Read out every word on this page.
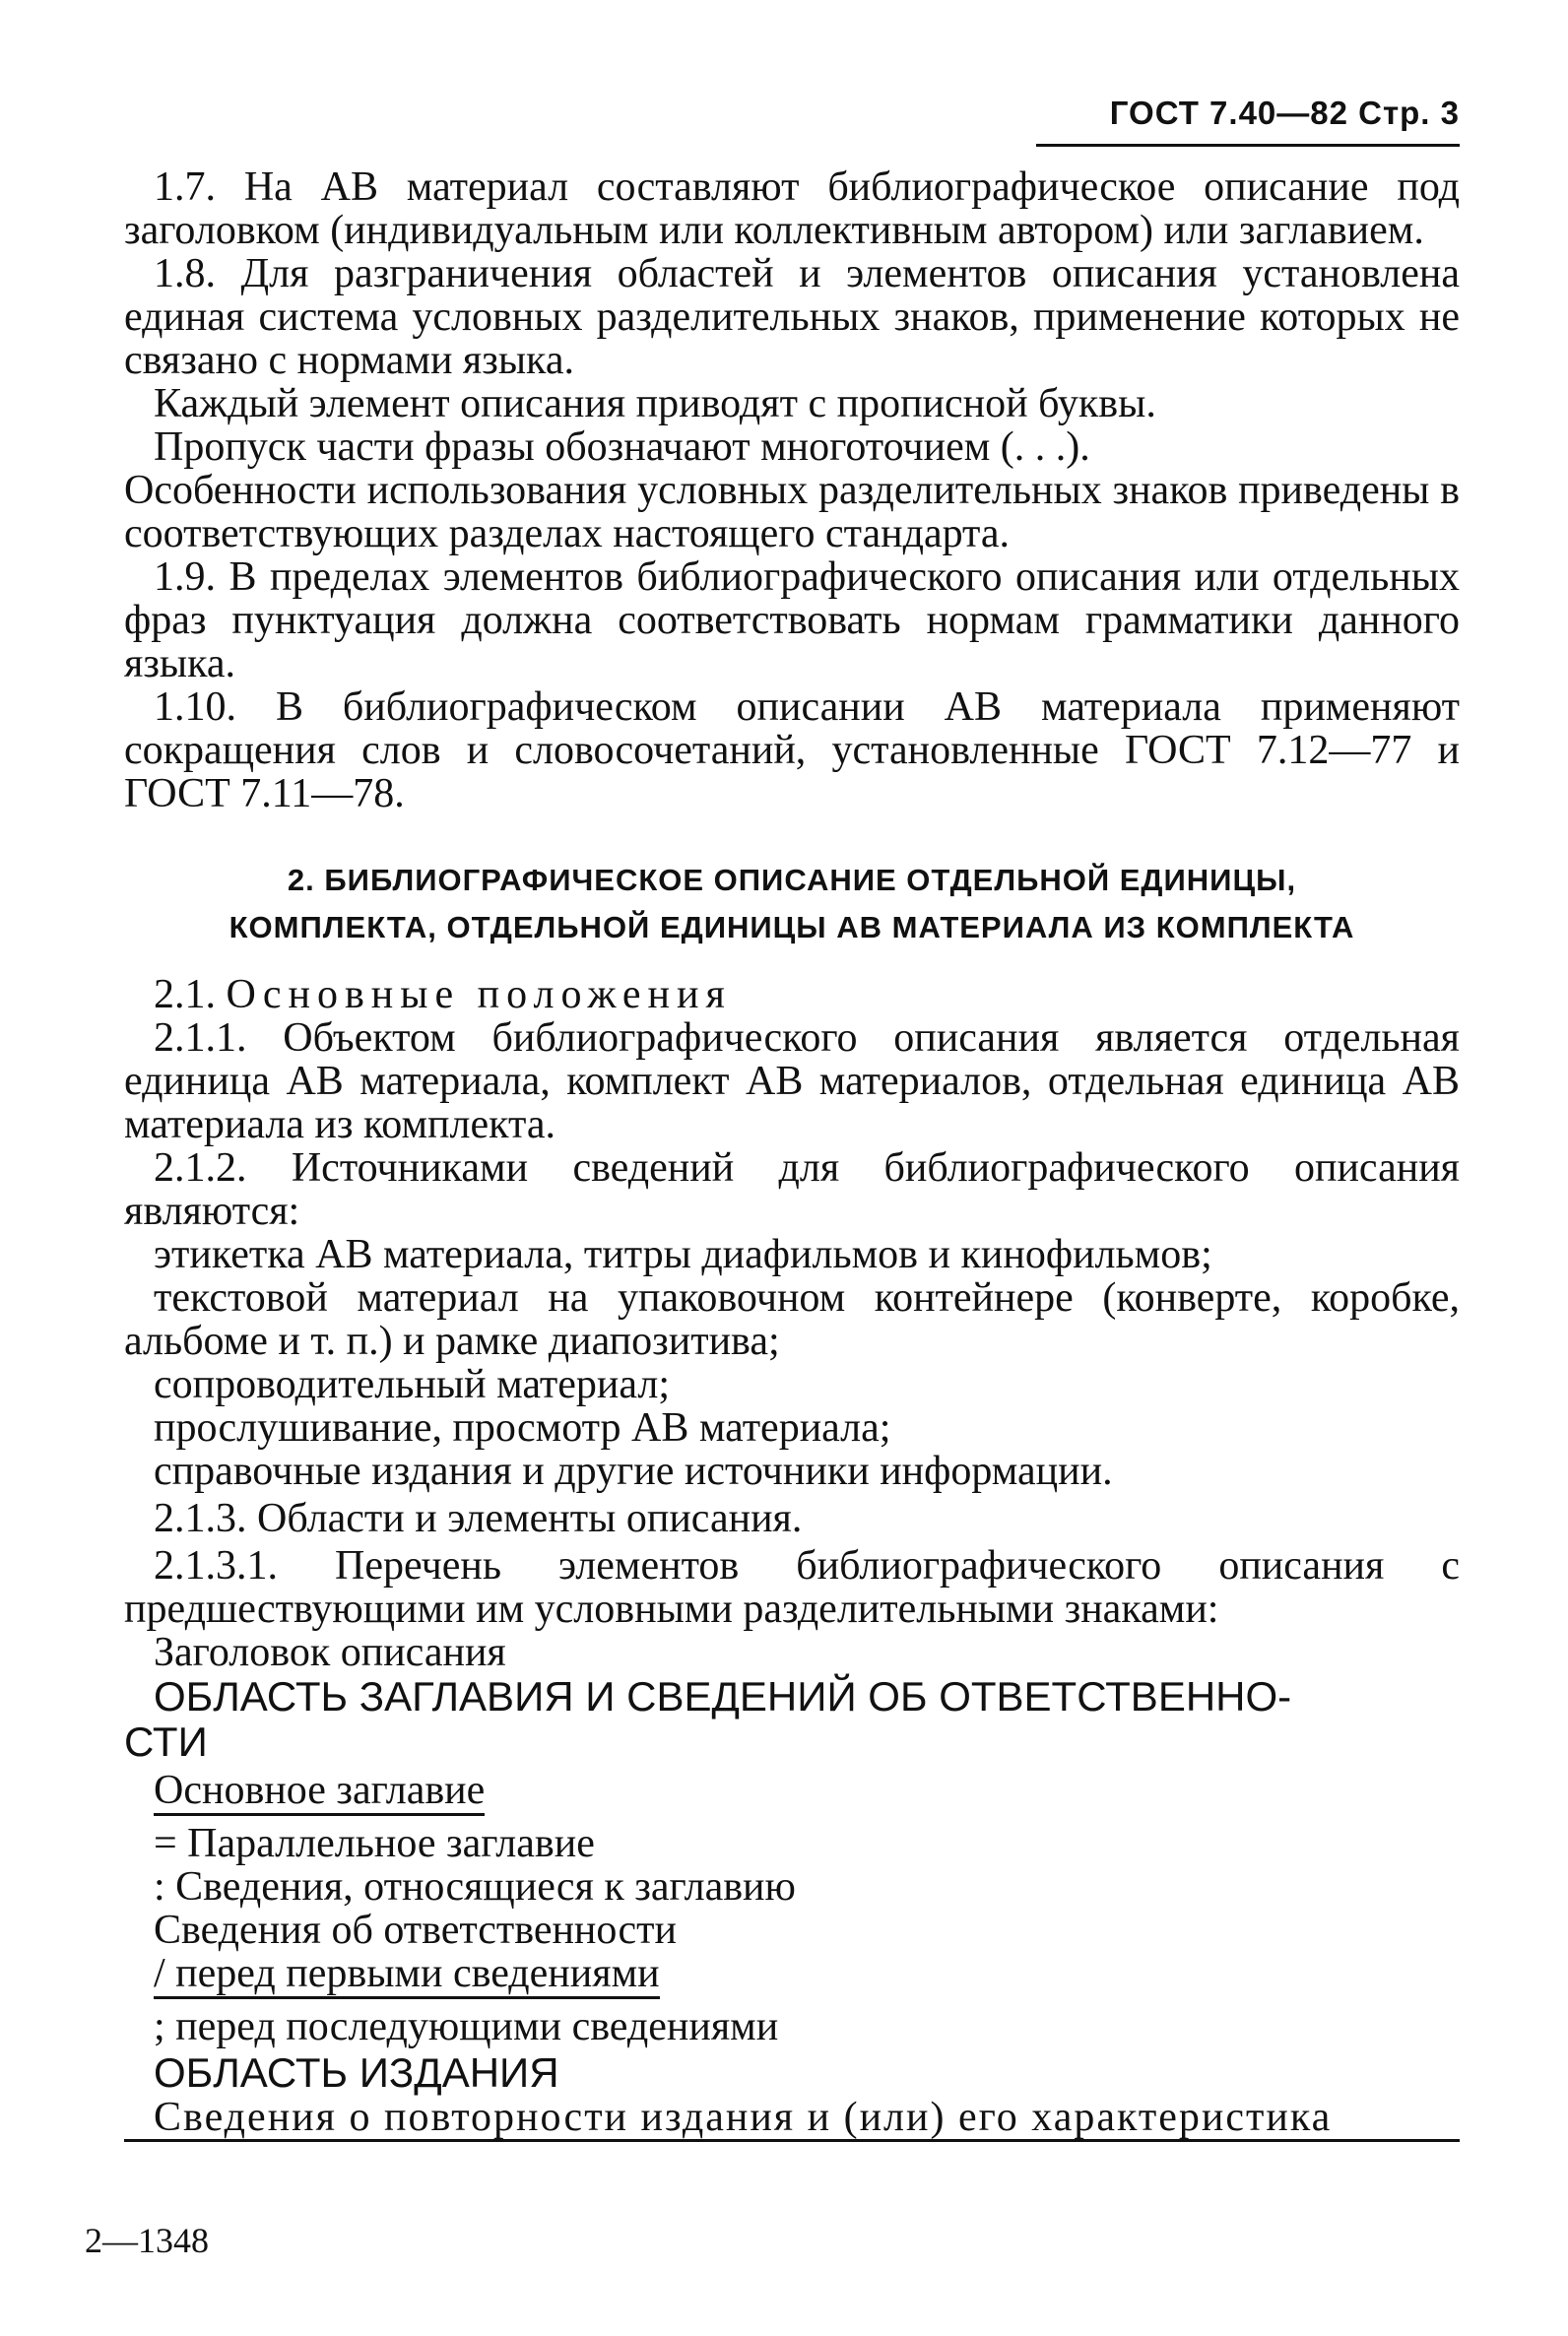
ГОСТ 7.40—82 Стр. 3

1.7. На АВ материал составляют библиографическое описание под заголовком (индивидуальным или коллективным автором) или заглавием.

1.8. Для разграничения областей и элементов описания установлена единая система условных разделительных знаков, применение которых не связано с нормами языка.

Каждый элемент описания приводят с прописной буквы.

Пропуск части фразы обозначают многоточием (. . .).

Особенности использования условных разделительных знаков приведены в соответствующих разделах настоящего стандарта.

1.9. В пределах элементов библиографического описания или отдельных фраз пунктуация должна соответствовать нормам грамматики данного языка.

1.10. В библиографическом описании АВ материала применяют сокращения слов и словосочетаний, установленные ГОСТ 7.12—77 и ГОСТ 7.11—78.

2. БИБЛИОГРАФИЧЕСКОЕ ОПИСАНИЕ ОТДЕЛЬНОЙ ЕДИНИЦЫ,
КОМПЛЕКТА, ОТДЕЛЬНОЙ ЕДИНИЦЫ АВ МАТЕРИАЛА ИЗ КОМПЛЕКТА

2.1. Основные положения

2.1.1. Объектом библиографического описания является отдельная единица АВ материала, комплект АВ материалов, отдельная единица АВ материала из комплекта.

2.1.2. Источниками сведений для библиографического описания являются:

этикетка АВ материала, титры диафильмов и кинофильмов;

текстовой материал на упаковочном контейнере (конверте, коробке, альбоме и т. п.) и рамке диапозитива;

сопроводительный материал;

прослушивание, просмотр АВ материала;

справочные издания и другие источники информации.

2.1.3. Области и элементы описания.

2.1.3.1. Перечень элементов библиографического описания с предшествующими им условными разделительными знаками:

Заголовок описания

ОБЛАСТЬ ЗАГЛАВИЯ И СВЕДЕНИЙ ОБ ОТВЕТСТВЕННО-
СТИ

Основное заглавие

= Параллельное заглавие

: Сведения, относящиеся к заглавию

Сведения об ответственности

/ перед первыми сведениями

; перед последующими сведениями

ОБЛАСТЬ ИЗДАНИЯ

Сведения о повторности издания и (или) его характеристика

2—1348
